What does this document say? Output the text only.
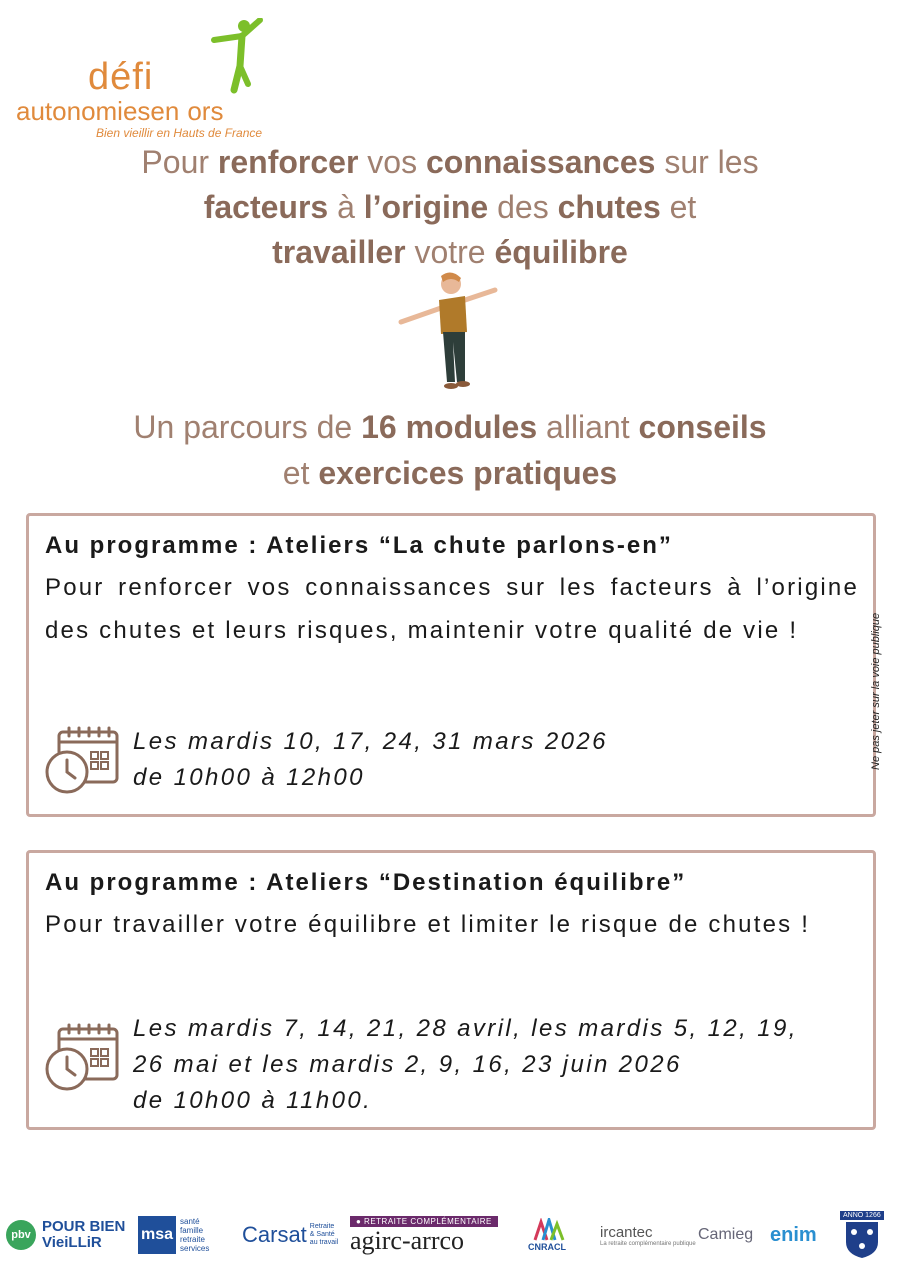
défi
autonomiesen ors
Bien vieillir en Hauts de France
Pour renforcer vos connaissances sur les
facteurs à l’origine des chutes et
travailler votre équilibre
Un parcours de 16 modules alliant conseils
et exercices pratiques
Au programme : Ateliers “La chute parlons-en”
Pour renforcer vos connaissances sur les facteurs à l’origine des chutes et leurs risques, maintenir votre qualité de vie !
Les mardis 10, 17, 24, 31 mars 2026
de 10h00 à 12h00
Au programme : Ateliers “Destination équilibre”
Pour travailler votre équilibre et limiter le risque de chutes !
Les mardis 7, 14, 21, 28 avril, les mardis 5, 12, 19,
26 mai et les mardis 2, 9, 16, 23 juin 2026
de 10h00 à 11h00.
Ne pas jeter sur la voie publique
pbv POUR BIEN
VieiLLiR	msa
santé
famille
retraite
services
Carsat Retraite
& Santé
au travail
● RETRAITE COMPLÉMENTAIRE
agirc-arrco	CNRACL
ircantec
La retraite complémentaire publique
Camieg enim
ANNO 1266
